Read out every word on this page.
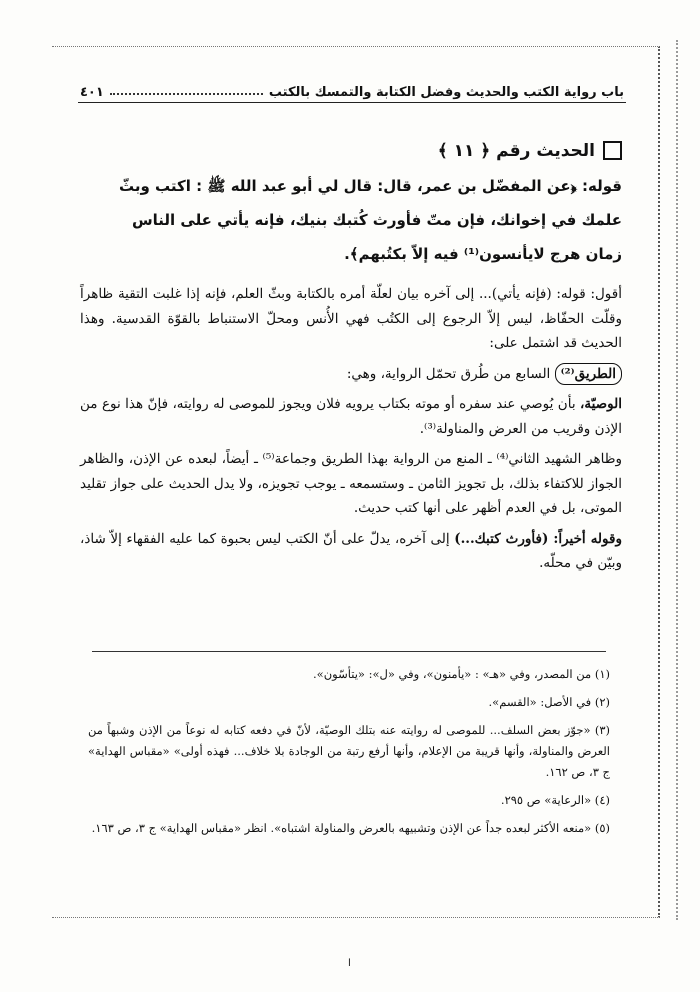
باب رواية الكتب والحديث وفضل الكتابة والتمسك بالكتب
٤٠١
الحديث رقم ﴿ ١١ ﴾
قوله: ﴿عن المفضّل بن عمر، قال: قال لي أبو عبد الله ﷺ : اكتب وبثّ
علمك في إخوانك، فإن متّ فأورث كُتبك بنيك، فإنه يأتي على الناس
زمان هرج لايأنسون⁽¹⁾ فيه إلاّ بكتُبهم﴾.

أقول: قوله: (فإنه يأتي)... إلى آخره بيان لعلّة أمره بالكتابة وبثّ العلم، فإنه إذا غلبت التقية ظاهراً وقلّت الحفّاظ، ليس إلاّ الرجوع إلى الكتُب فهي الأُنس ومحلّ الاستنباط بالقوّة القدسية. وهذا الحديث قد اشتمل على:

الطريق⁽²⁾ السابع من طُرق تحمّل الرواية، وهي:

الوصيّة، بأن يُوصي عند سفره أو موته بكتاب يرويه فلان ويجوز للموصى له روايته، فإنّ هذا نوع من الإذن وقريب من العرض والمناولة⁽³⁾.

وظاهر الشهيد الثاني⁽⁴⁾ ـ المنع من الرواية بهذا الطريق وجماعة⁽⁵⁾ ـ أيضاً، لبعده عن الإذن، والظاهر الجواز للاكتفاء بذلك، بل تجويز الثامن ـ وستسمعه ـ يوجب تجويزه، ولا يدل الحديث على جواز تقليد الموتى، بل في العدم أظهر على أنها كتب حديث.

وقوله أخيراً: (فأورث كتبك...) إلى آخره، يدلّ على أنّ الكتب ليس بحبوة كما عليه الفقهاء إلاّ شاذ، وبيّن في محلّه.

(١) من المصدر، وفي «هـ» : «يأمنون»، وفي «ل»: «يتأسّون».

(٢) في الأصل: «القسم».

(٣) «جوّز بعض السلف... للموصى له روايته عنه بتلك الوصيّة، لأنّ في دفعه كتابه له نوعاً من الإذن وشبهاً من العرض والمناولة، وأنها قريبة من الإعلام، وأنها أرفع رتبة من الوجادة بلا خلاف... فهذه أولى» «مقباس الهداية» ج ٣، ص ١٦٢.

(٤) «الرعاية» ص ٢٩٥.

(٥) «منعه الأكثر لبعده جداً عن الإذن وتشبيهه بالعرض والمناولة اشتباه». انظر «مقباس الهداية» ج ٣، ص ١٦٣.

ا
